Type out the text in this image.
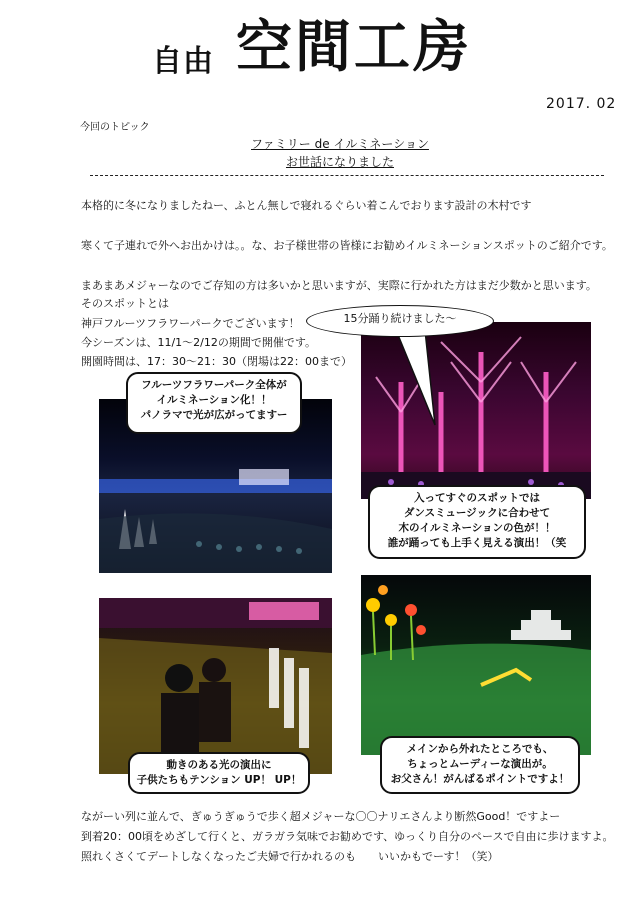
自由 空間工房
2017. 02
今回のトピック
ファミリー de イルミネーション
お世話になりました
本格的に冬になりましたねー、ふとん無しで寝れるぐらい着こんでおります設計の木村です
寒くて子連れで外へお出かけは。。な、お子様世帯の皆様にお勧めイルミネーションスポットのご紹介です。
まあまあメジャーなのでご存知の方は多いかと思いますが、実際に行かれた方はまだ少数かと思います。
そのスポットとは
神戸フルーツフラワーパークでございます！
今シーズンは、11/1～2/12の期間で開催です。
開園時間は、17：30～21：30（閉場は22：00まで）
15分踊り続けました～
フルーツフラワーパーク全体が
イルミネーション化！！
パノラマで光が広がってますー
入ってすぐのスポットでは
ダンスミュージックに合わせて
木のイルミネーションの色が！！
誰が踊っても上手く見える演出！（笑
動きのある光の演出に
子供たちもテンション UP！ UP！
メインから外れたところでも、
ちょっとムーディーな演出が。
お父さん！がんばるポイントですよ！
ながーい列に並んで、ぎゅうぎゅうで歩く超メジャーな〇〇ナリエさんより断然Good！ですよー
到着20：00頃をめざして行くと、ガラガラ気味でお勧めです、ゆっくり自分のペースで自由に歩けますよ。
照れくさくてデートしなくなったご夫婦で行かれるのも　　いいかもでーす！（笑）
